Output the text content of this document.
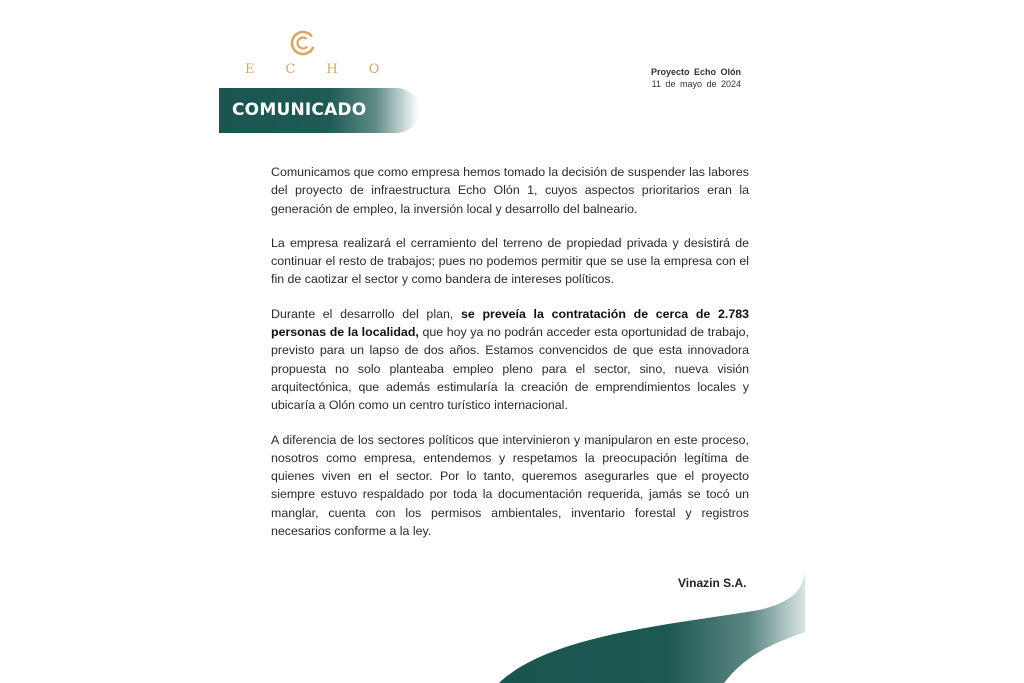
ECHO	Proyecto Echo Olón
11 de mayo de 2024
COMUNICADO

Comunicamos que como empresa hemos tomado la decisión de suspender las labores del proyecto de infraestructura Echo Olón 1, cuyos aspectos prioritarios eran la generación de empleo, la inversión local y desarrollo del balneario.

La empresa realizará el cerramiento del terreno de propiedad privada y desistirá de continuar el resto de trabajos; pues no podemos permitir que se use la empresa con el fin de caotizar el sector y como bandera de intereses políticos.

Durante el desarrollo del plan, se preveía la contratación de cerca de 2.783 personas de la localidad, que hoy ya no podrán acceder esta oportunidad de trabajo, previsto para un lapso de dos años. Estamos convencidos de que esta innovadora propuesta no solo planteaba empleo pleno para el sector, sino, nueva visión arquitectónica, que además estimularía la creación de emprendimientos locales y ubicaría a Olón como un centro turístico internacional.

A diferencia de los sectores políticos que intervinieron y manipularon en este proceso, nosotros como empresa, entendemos y respetamos la preocupación legítima de quienes viven en el sector. Por lo tanto, queremos asegurarles que el proyecto siempre estuvo respaldado por toda la documentación requerida, jamás se tocó un manglar, cuenta con los permisos ambientales, inventario forestal y registros necesarios conforme a la ley.

Vinazin S.A.
